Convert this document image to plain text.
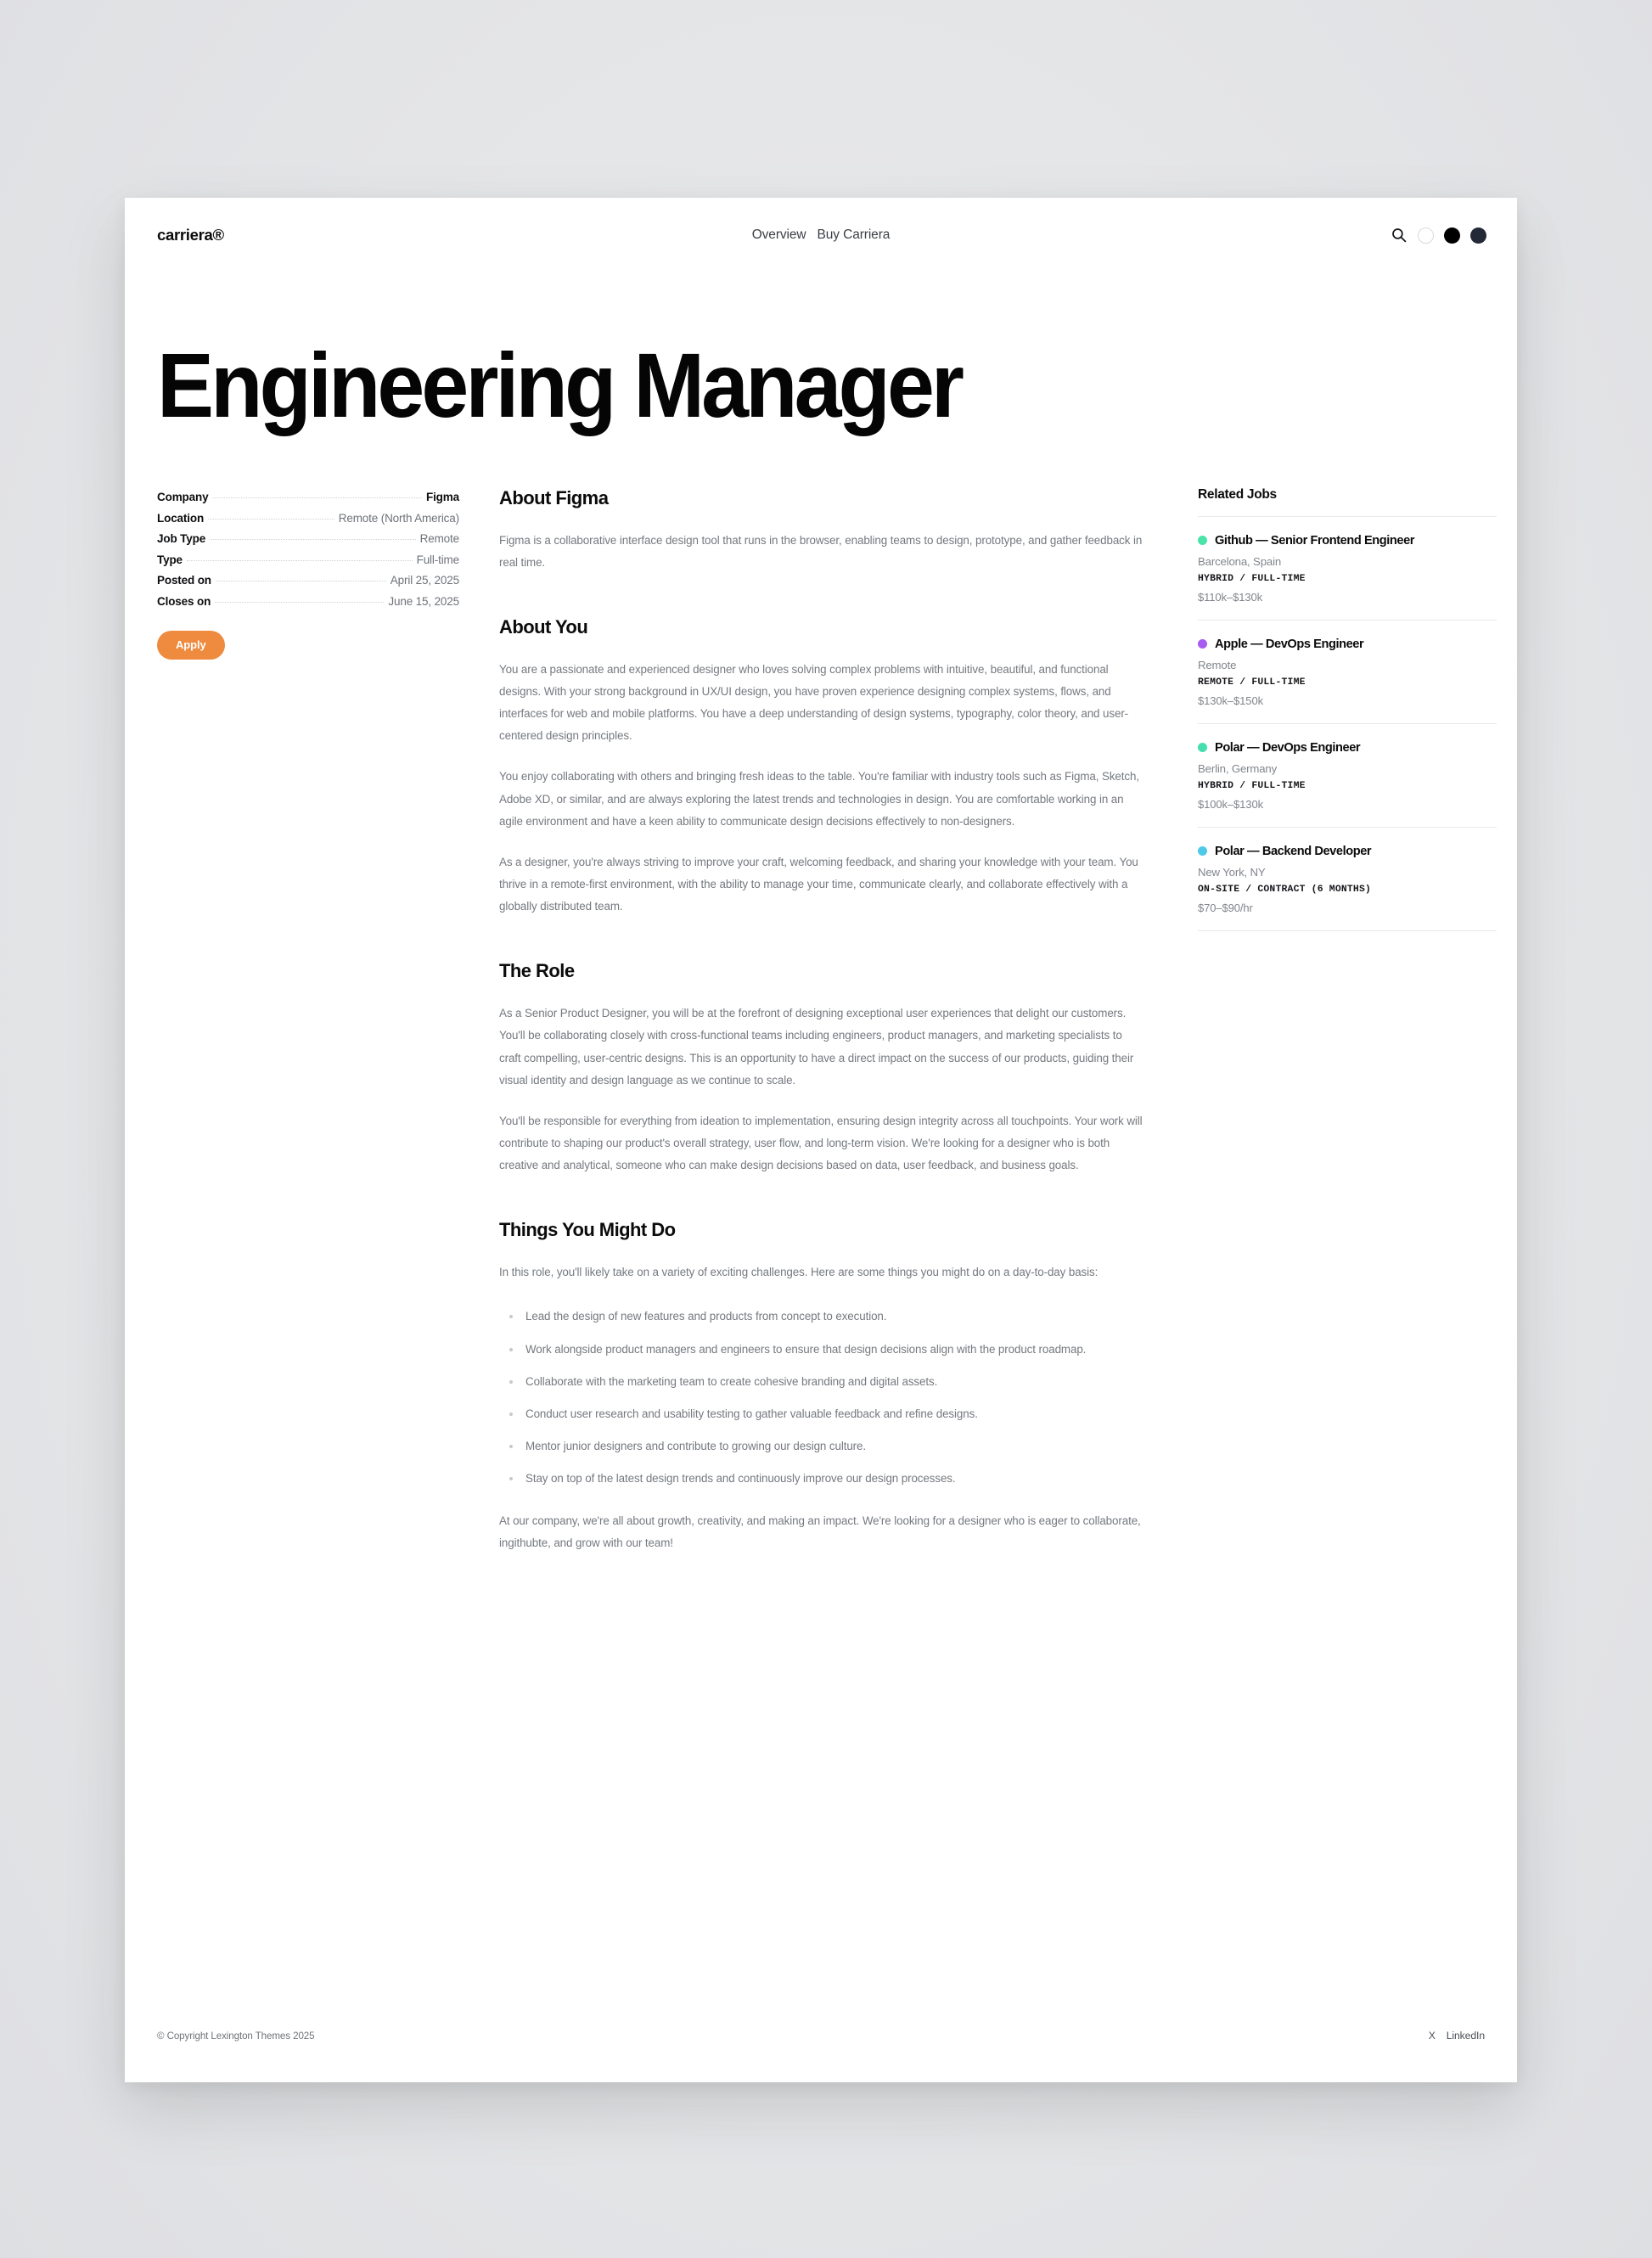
carriera®	Overview Buy Carriera
Engineering Manager
Company	Figma
Location	Remote (North America)
Job Type	Remote
Type	Full-time
Posted on	April 25, 2025
Closes on	June 15, 2025
Apply
About Figma

Figma is a collaborative interface design tool that runs in the browser, enabling teams to design, prototype, and gather feedback in real time.

About You

You are a passionate and experienced designer who loves solving complex problems with intuitive, beautiful, and functional designs. With your strong background in UX/UI design, you have proven experience designing complex systems, flows, and interfaces for web and mobile platforms. You have a deep understanding of design systems, typography, color theory, and user-centered design principles.

You enjoy collaborating with others and bringing fresh ideas to the table. You're familiar with industry tools such as Figma, Sketch, Adobe XD, or similar, and are always exploring the latest trends and technologies in design. You are comfortable working in an agile environment and have a keen ability to communicate design decisions effectively to non-designers.

As a designer, you're always striving to improve your craft, welcoming feedback, and sharing your knowledge with your team. You thrive in a remote-first environment, with the ability to manage your time, communicate clearly, and collaborate effectively with a globally distributed team.

The Role

As a Senior Product Designer, you will be at the forefront of designing exceptional user experiences that delight our customers. You'll be collaborating closely with cross-functional teams including engineers, product managers, and marketing specialists to craft compelling, user-centric designs. This is an opportunity to have a direct impact on the success of our products, guiding their visual identity and design language as we continue to scale.

You'll be responsible for everything from ideation to implementation, ensuring design integrity across all touchpoints. Your work will contribute to shaping our product's overall strategy, user flow, and long-term vision. We're looking for a designer who is both creative and analytical, someone who can make design decisions based on data, user feedback, and business goals.

Things You Might Do

In this role, you'll likely take on a variety of exciting challenges. Here are some things you might do on a day-to-day basis:

Lead the design of new features and products from concept to execution.
Work alongside product managers and engineers to ensure that design decisions align with the product roadmap.
Collaborate with the marketing team to create cohesive branding and digital assets.
Conduct user research and usability testing to gather valuable feedback and refine designs.
Mentor junior designers and contribute to growing our design culture.
Stay on top of the latest design trends and continuously improve our design processes.

At our company, we're all about growth, creativity, and making an impact. We're looking for a designer who is eager to collaborate, ingithubte, and grow with our team!

Related Jobs
Github — Senior Frontend Engineer
Barcelona, Spain
HYBRID / FULL-TIME
$110k–$130k
Apple — DevOps Engineer
Remote
REMOTE / FULL-TIME
$130k–$150k
Polar — DevOps Engineer
Berlin, Germany
HYBRID / FULL-TIME
$100k–$130k
Polar — Backend Developer
New York, NY
ON-SITE / CONTRACT (6 MONTHS)
$70–$90/hr
© Copyright Lexington Themes 2025	X LinkedIn
